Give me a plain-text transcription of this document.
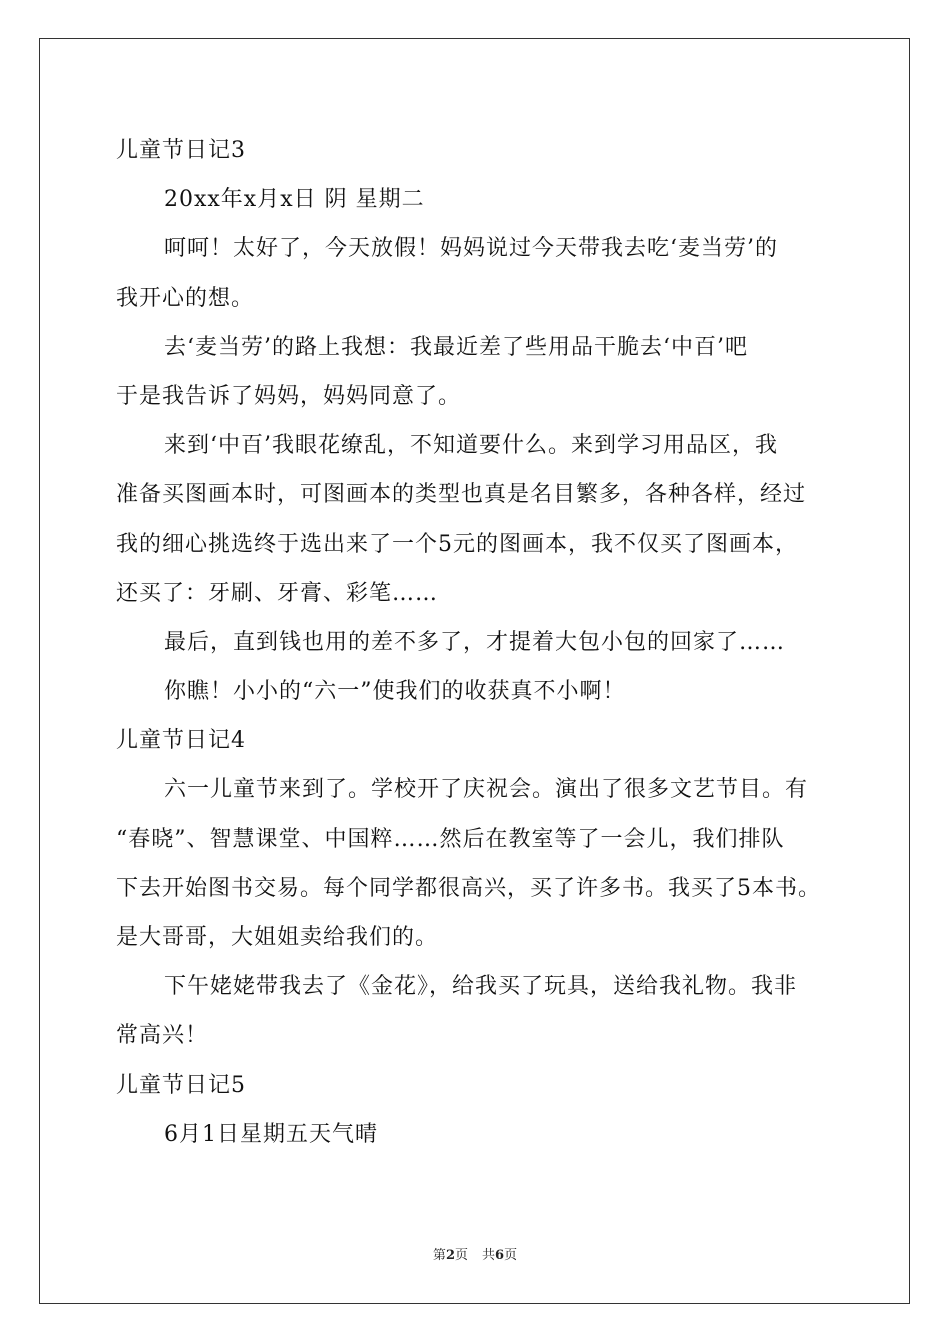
儿童节日记3
20xx年x月x日 阴 星期二
呵呵！太好了，今天放假！妈妈说过今天带我去吃‘麦当劳’的
我开心的想。
去‘麦当劳’的路上我想：我最近差了些用品干脆去‘中百’吧
于是我告诉了妈妈，妈妈同意了。
来到‘中百’我眼花缭乱，不知道要什么。来到学习用品区，我
准备买图画本时，可图画本的类型也真是名目繁多，各种各样，经过
我的细心挑选终于选出来了一个5元的图画本，我不仅买了图画本，
还买了：牙刷、牙膏、彩笔……
最后，直到钱也用的差不多了，才提着大包小包的回家了……
你瞧！小小的“六一”使我们的收获真不小啊！
儿童节日记4
六一儿童节来到了。学校开了庆祝会。演出了很多文艺节目。有
“春晓”、智慧课堂、中国粹……然后在教室等了一会儿，我们排队
下去开始图书交易。每个同学都很高兴，买了许多书。我买了5本书。
是大哥哥，大姐姐卖给我们的。
下午姥姥带我去了《金花》，给我买了玩具，送给我礼物。我非
常高兴！
儿童节日记5
6月1日星期五天气晴
第2页 共6页
